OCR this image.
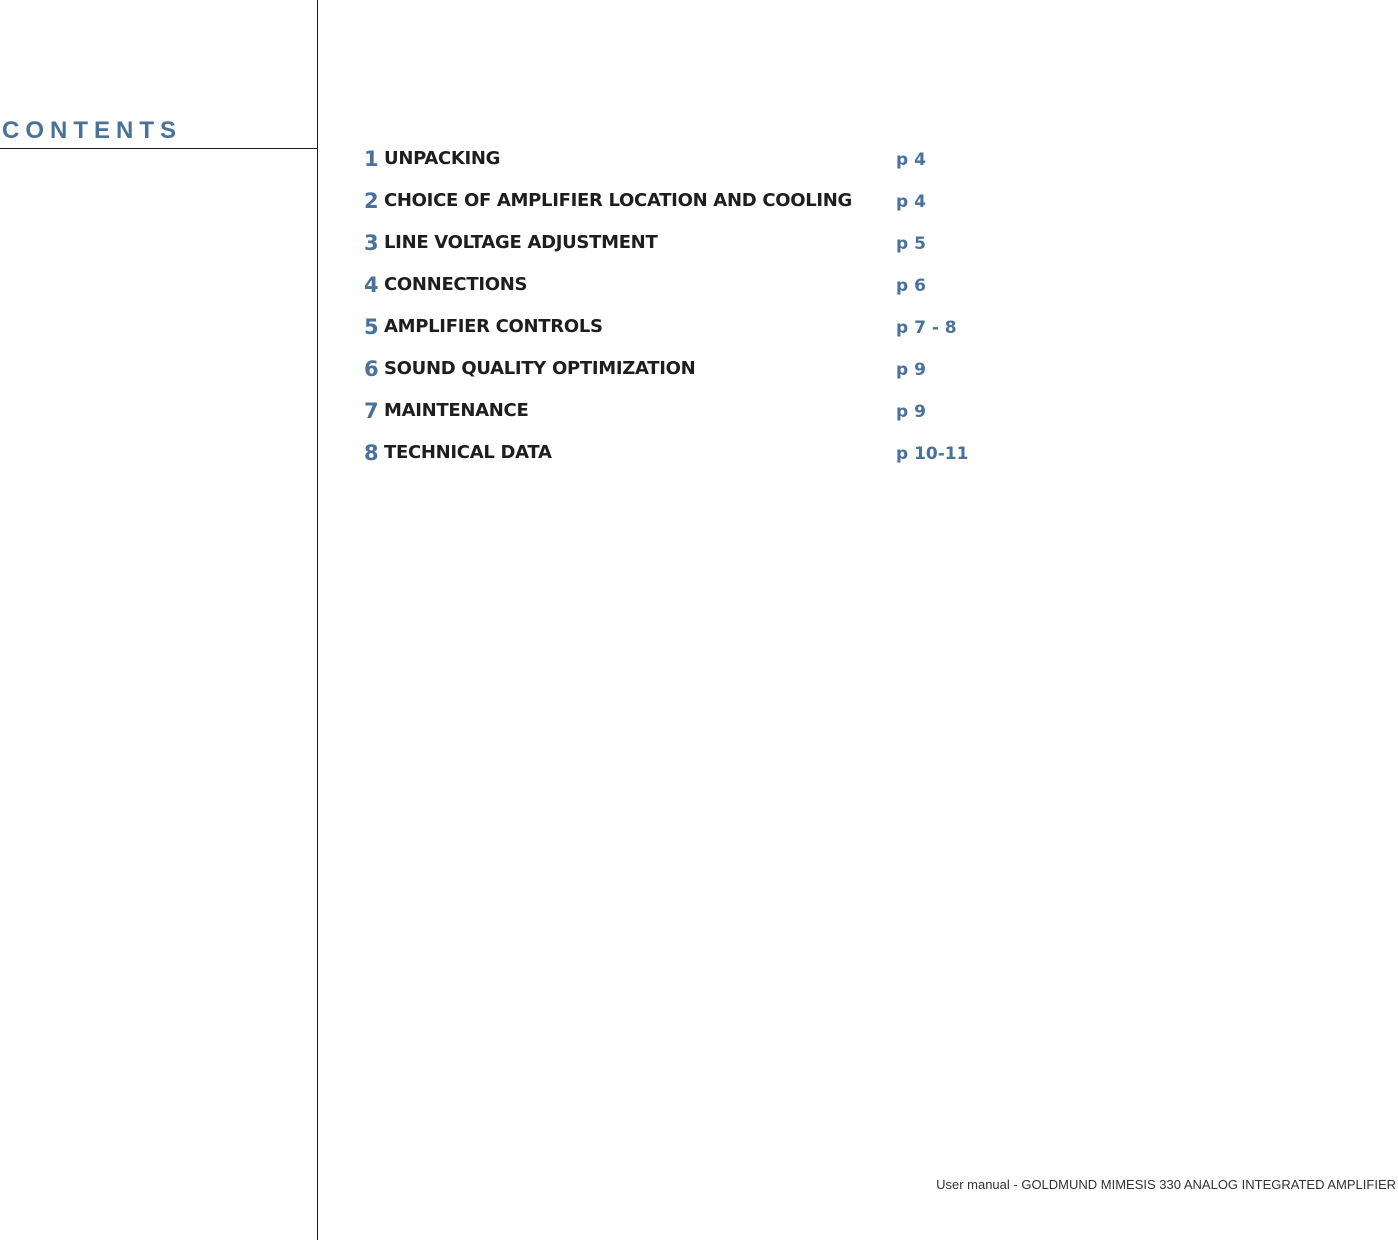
CONTENTS
1 UNPACKING	p 4
2 CHOICE OF AMPLIFIER LOCATION AND COOLING	p 4
3 LINE VOLTAGE ADJUSTMENT	p 5
4 CONNECTIONS	p 6
5 AMPLIFIER CONTROLS	p 7 - 8
6 SOUND QUALITY OPTIMIZATION	p 9
7 MAINTENANCE	p 9
8 TECHNICAL DATA	p 10-11
User manual - GOLDMUND MIMESIS 330 ANALOG INTEGRATED AMPLIFIER
